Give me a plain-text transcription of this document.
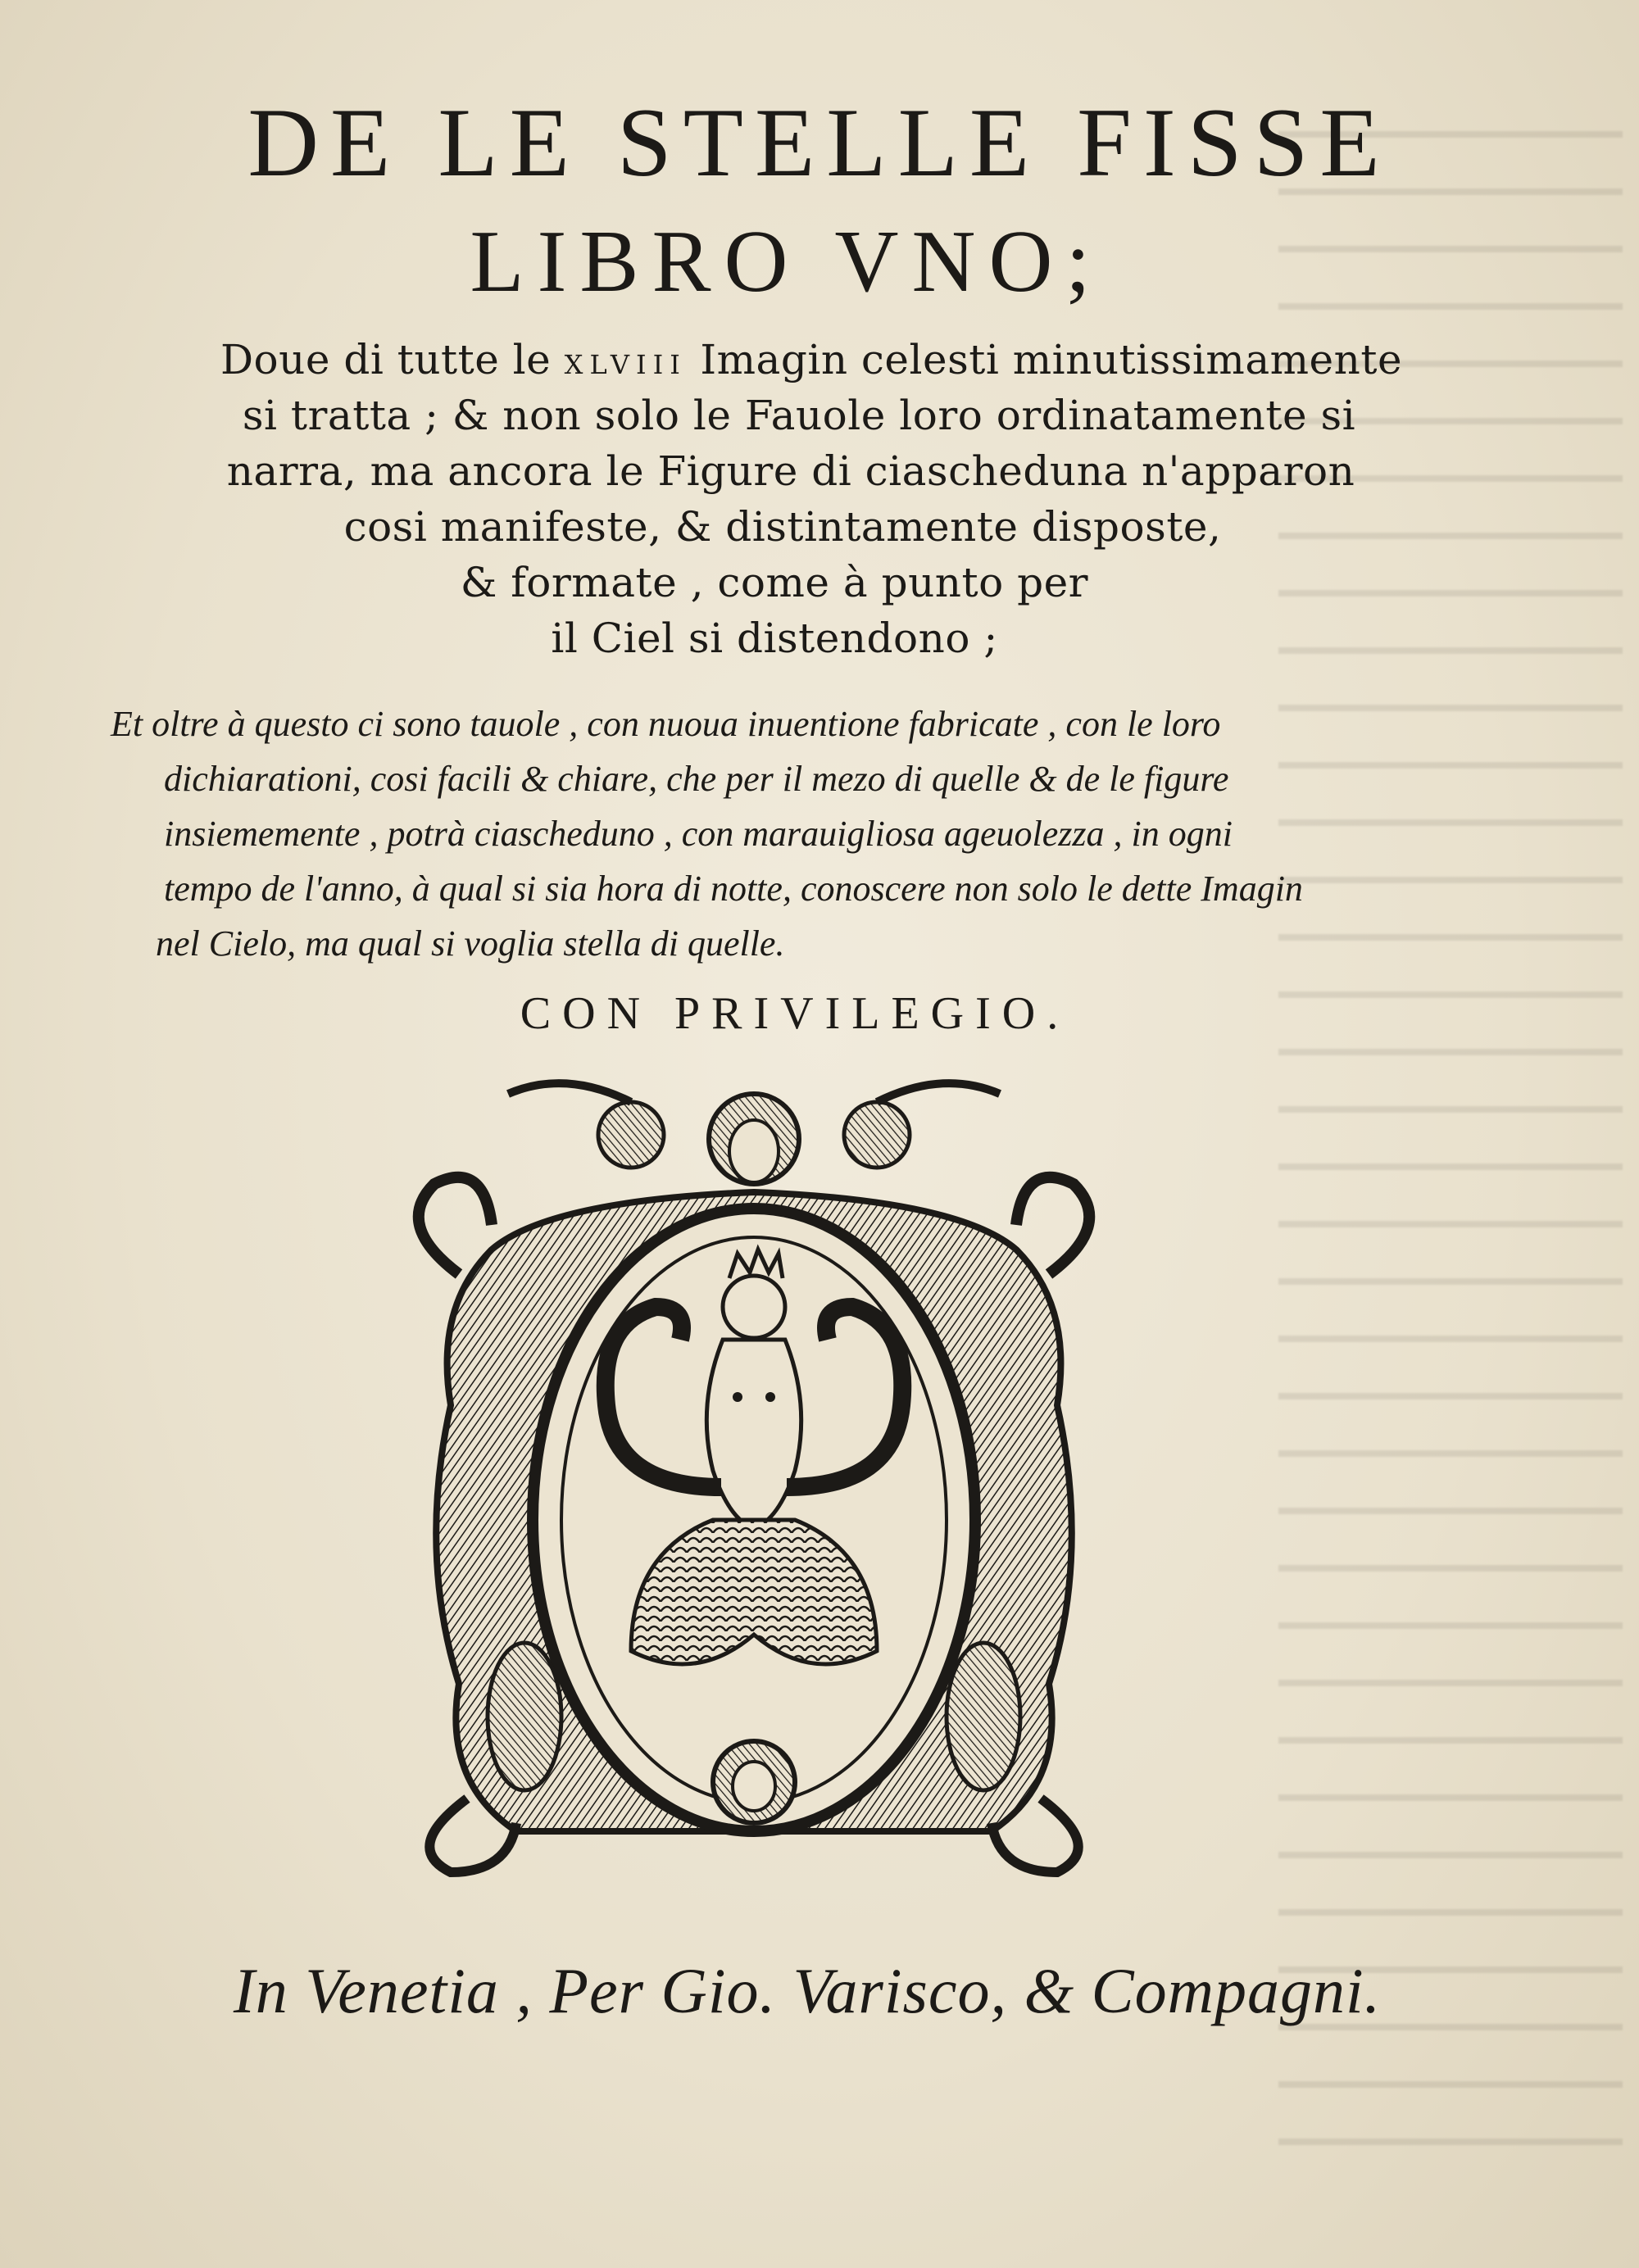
DE LE STELLE FISSE
LIBRO VNO;
Doue di tutte le XLVIII Imagin celesti minutissimamente
si tratta ; & non solo le Fauole loro ordinatamente si
narra, ma ancora le Figure di ciascheduna n'apparon
cosi manifeste, & distintamente disposte,
& formate , come à punto per
il Ciel si distendono ;
Et oltre à questo ci sono tauole , con nuoua inuentione fabricate , con le loro
dichiarationi, cosi facili & chiare, che per il mezo di quelle & de le figure
insiemementе , potrà ciascheduno , con marauigliosa ageuolezza , in ogni
tempo de l'anno, à qual si sia hora di notte, conoscere non solo le dette Imagin
nel Cielo, ma qual si voglia stella di quelle.
CON PRIVILEGIO.
In Venetia , Per Gio. Varisco, & Compagni.
